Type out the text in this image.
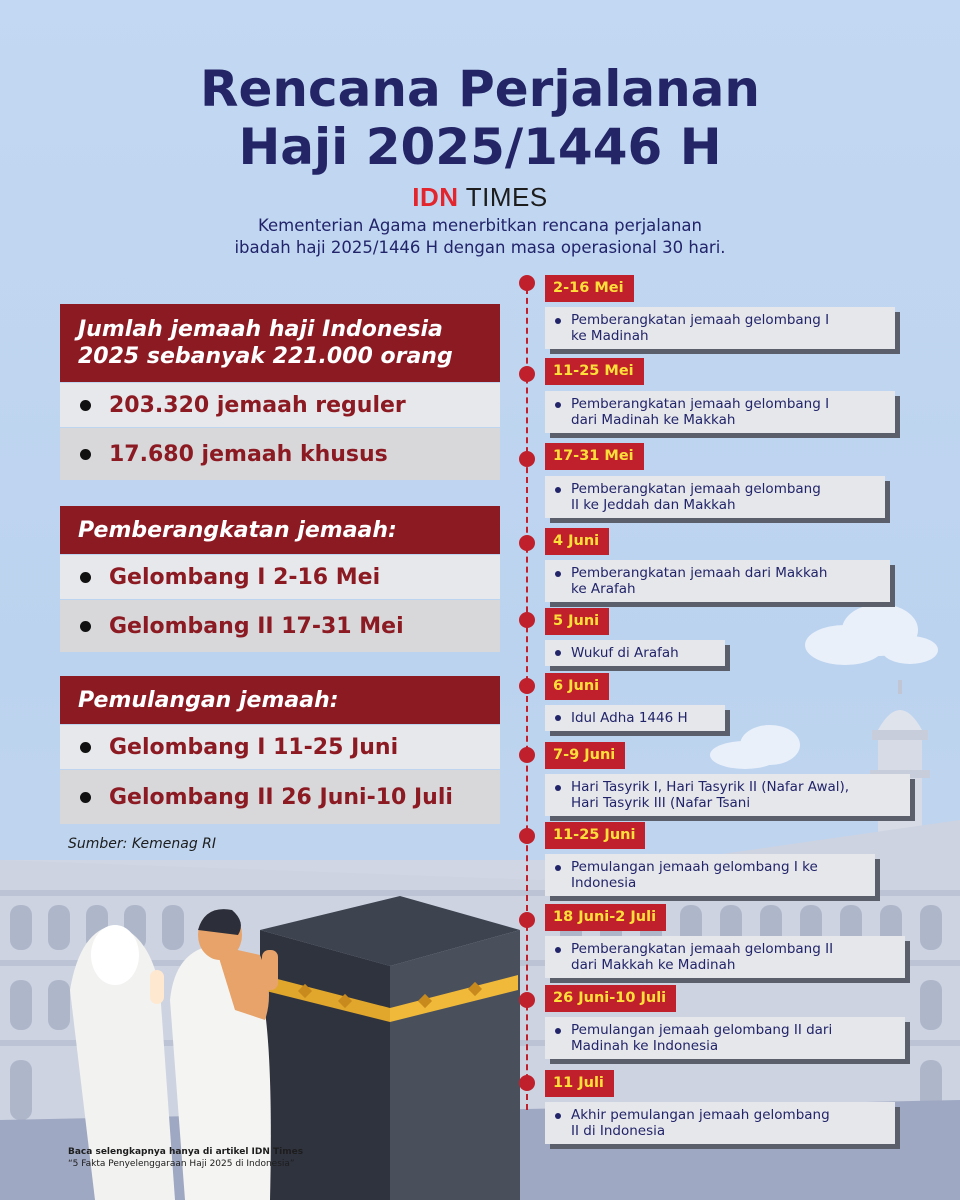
Rencana Perjalanan
Haji 2025/1446 H
IDN TIMES
Kementerian Agama menerbitkan rencana perjalanan
ibadah haji 2025/1446 H dengan masa operasional 30 hari.
Jumlah jemaah haji Indonesia
2025 sebanyak 221.000 orang
203.320 jemaah reguler
17.680 jemaah khusus
Pemberangkatan jemaah:
Gelombang I 2-16 Mei
Gelombang II 17-31 Mei
Pemulangan jemaah:
Gelombang I 11-25 Juni
Gelombang II 26 Juni-10 Juli
Sumber: Kemenag RI
Baca selengkapnya hanya di artikel IDN Times
“5 Fakta Penyelenggaraan Haji 2025 di Indonesia”
2-16 Mei
Pemberangkatan jemaah gelombang I
ke Madinah
11-25 Mei
Pemberangkatan jemaah gelombang I
dari Madinah ke Makkah
17-31 Mei
Pemberangkatan jemaah gelombang
II ke Jeddah dan Makkah
4 Juni
Pemberangkatan jemaah dari Makkah
ke Arafah
5 Juni
Wukuf di Arafah
6 Juni
Idul Adha 1446 H
7-9 Juni
Hari Tasyrik I, Hari Tasyrik II (Nafar Awal),
Hari Tasyrik III (Nafar Tsani
11-25 Juni
Pemulangan jemaah gelombang I ke
Indonesia
18 Juni-2 Juli
Pemberangkatan jemaah gelombang II
dari Makkah ke Madinah
26 Juni-10 Juli
Pemulangan jemaah gelombang II dari
Madinah ke Indonesia
11 Juli
Akhir pemulangan jemaah gelombang
II di Indonesia
